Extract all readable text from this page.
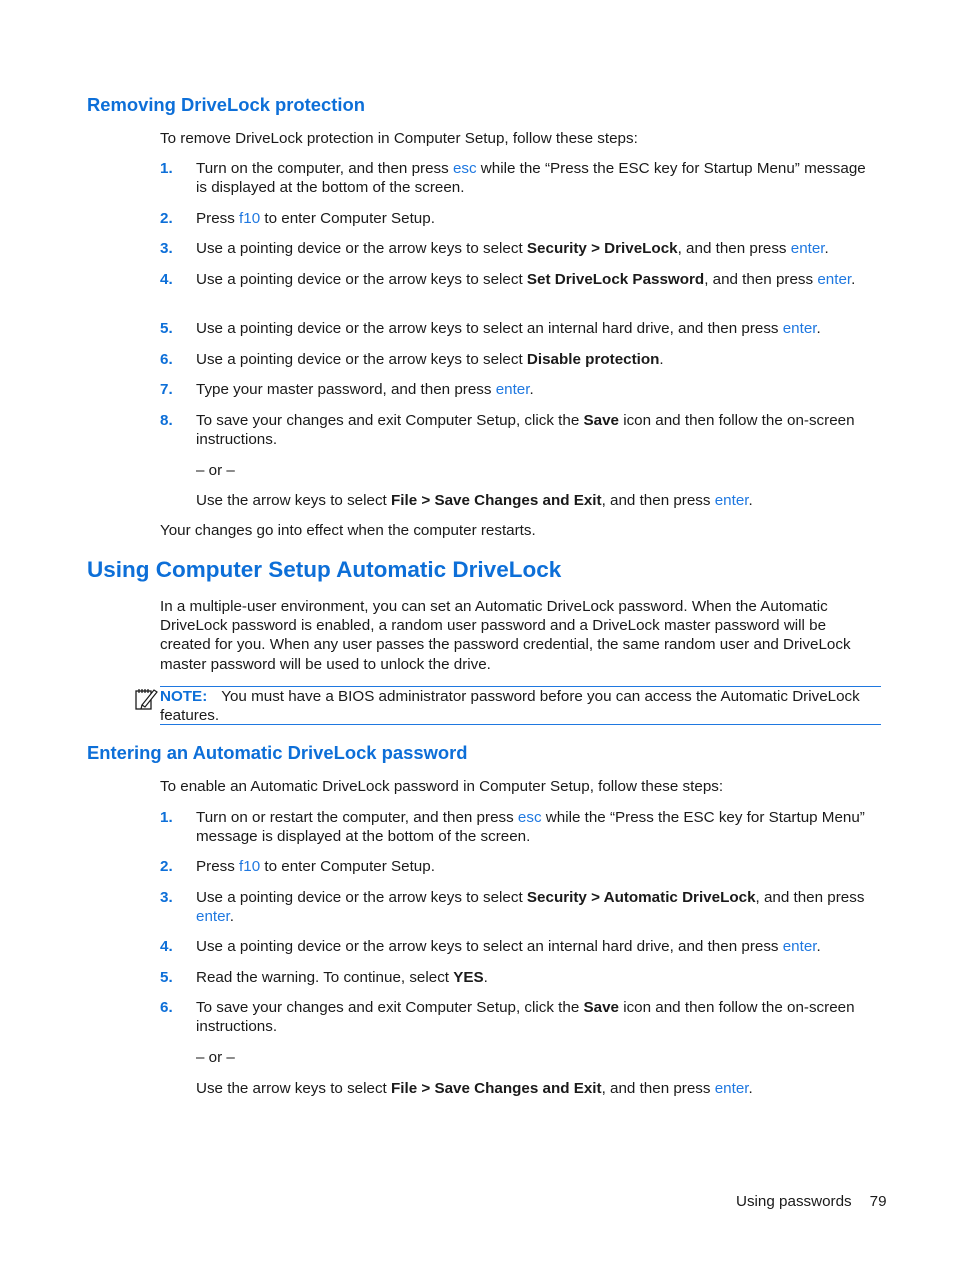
Removing DriveLock protection

To remove DriveLock protection in Computer Setup, follow these steps:

1. Turn on the computer, and then press esc while the “Press the ESC key for Startup Menu” message is displayed at the bottom of the screen.
2. Press f10 to enter Computer Setup.
3. Use a pointing device or the arrow keys to select Security > DriveLock, and then press enter.
4. Use a pointing device or the arrow keys to select Set DriveLock Password, and then press enter.
5. Use a pointing device or the arrow keys to select an internal hard drive, and then press enter.
6. Use a pointing device or the arrow keys to select Disable protection.
7. Type your master password, and then press enter.
8. To save your changes and exit Computer Setup, click the Save icon and then follow the on-screen instructions.
– or –
Use the arrow keys to select File > Save Changes and Exit, and then press enter.

Your changes go into effect when the computer restarts.

Using Computer Setup Automatic DriveLock

In a multiple-user environment, you can set an Automatic DriveLock password. When the Automatic DriveLock password is enabled, a random user password and a DriveLock master password will be created for you. When any user passes the password credential, the same random user and DriveLock master password will be used to unlock the drive.

NOTE: You must have a BIOS administrator password before you can access the Automatic DriveLock features.
Entering an Automatic DriveLock password

To enable an Automatic DriveLock password in Computer Setup, follow these steps:

1. Turn on or restart the computer, and then press esc while the “Press the ESC key for Startup Menu” message is displayed at the bottom of the screen.
2. Press f10 to enter Computer Setup.
3. Use a pointing device or the arrow keys to select Security > Automatic DriveLock, and then press enter.
4. Use a pointing device or the arrow keys to select an internal hard drive, and then press enter.
5. Read the warning. To continue, select YES.
6. To save your changes and exit Computer Setup, click the Save icon and then follow the on-screen instructions.
– or –
Use the arrow keys to select File > Save Changes and Exit, and then press enter.
Using passwords 79
